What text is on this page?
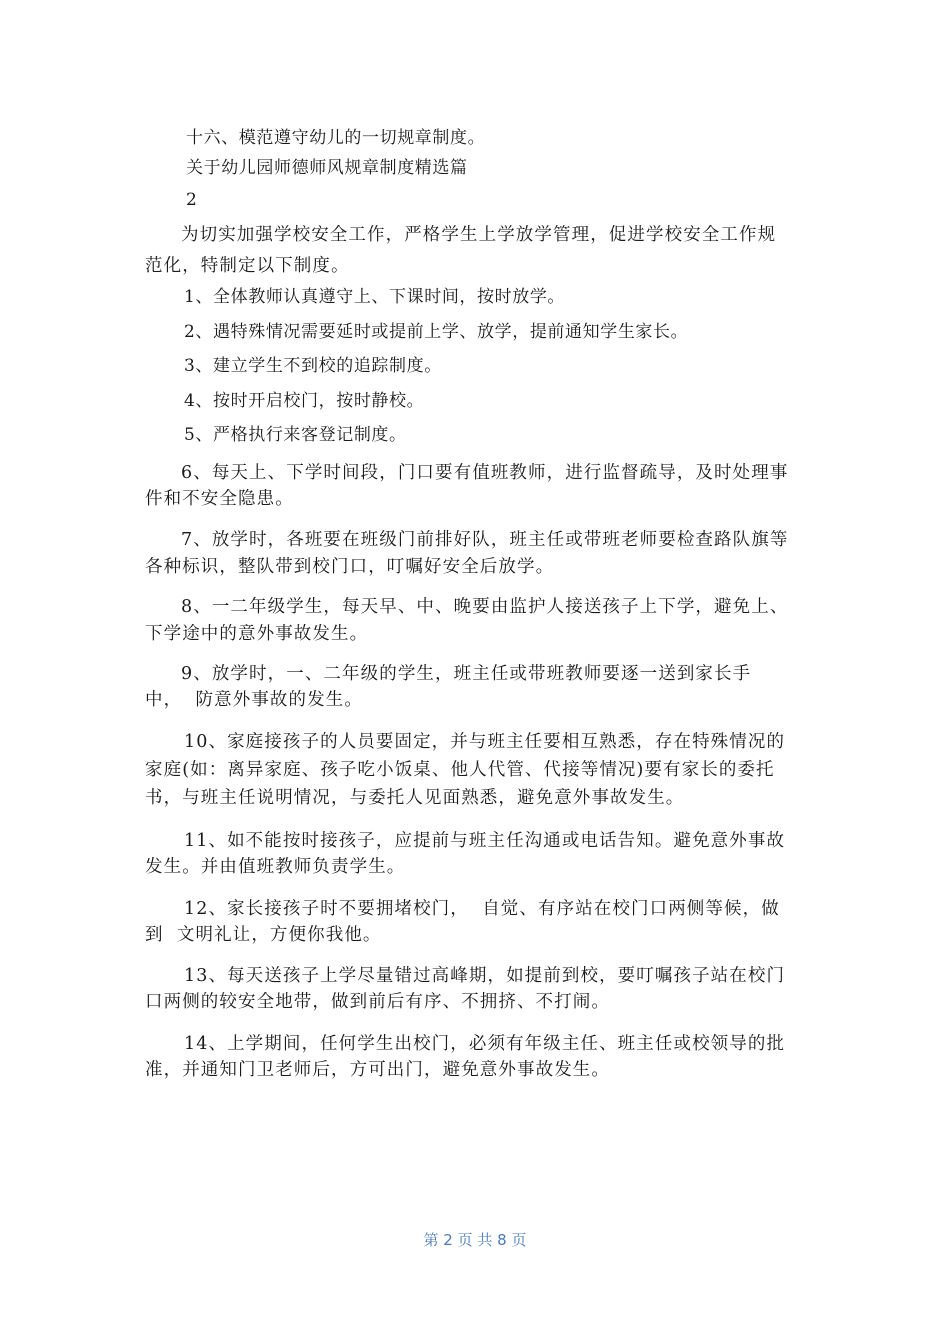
十六、模范遵守幼儿的一切规章制度。
关于幼儿园师德师风规章制度精选篇
2
为切实加强学校安全工作，严格学生上学放学管理，促进学校安全工作规
范化，特制定以下制度。
1、全体教师认真遵守上、下课时间，按时放学。
2、遇特殊情况需要延时或提前上学、放学，提前通知学生家长。
3、建立学生不到校的追踪制度。
4、按时开启校门，按时静校。
5、严格执行来客登记制度。
6、每天上、下学时间段，门口要有值班教师，进行监督疏导，及时处理事
件和不安全隐患。
7、放学时，各班要在班级门前排好队，班主任或带班老师要检查路队旗等
各种标识，整队带到校门口，叮嘱好安全后放学。
8、一二年级学生，每天早、中、晚要由监护人接送孩子上下学，避免上、
下学途中的意外事故发生。
9、放学时，一、二年级的学生，班主任或带班教师要逐一送到家长手
中，  防意外事故的发生。
10、家庭接孩子的人员要固定，并与班主任要相互熟悉，存在特殊情况的
家庭(如：离异家庭、孩子吃小饭桌、他人代管、代接等情况)要有家长的委托
书，与班主任说明情况，与委托人见面熟悉，避免意外事故发生。
11、如不能按时接孩子，应提前与班主任沟通或电话告知。避免意外事故
发生。并由值班教师负责学生。
12、家长接孩子时不要拥堵校门，  自觉、有序站在校门口两侧等候，做
到  文明礼让，方便你我他。
13、每天送孩子上学尽量错过高峰期，如提前到校，要叮嘱孩子站在校门
口两侧的较安全地带，做到前后有序、不拥挤、不打闹。
14、上学期间，任何学生出校门，必须有年级主任、班主任或校领导的批
准，并通知门卫老师后，方可出门，避免意外事故发生。
第 2 页 共 8 页
